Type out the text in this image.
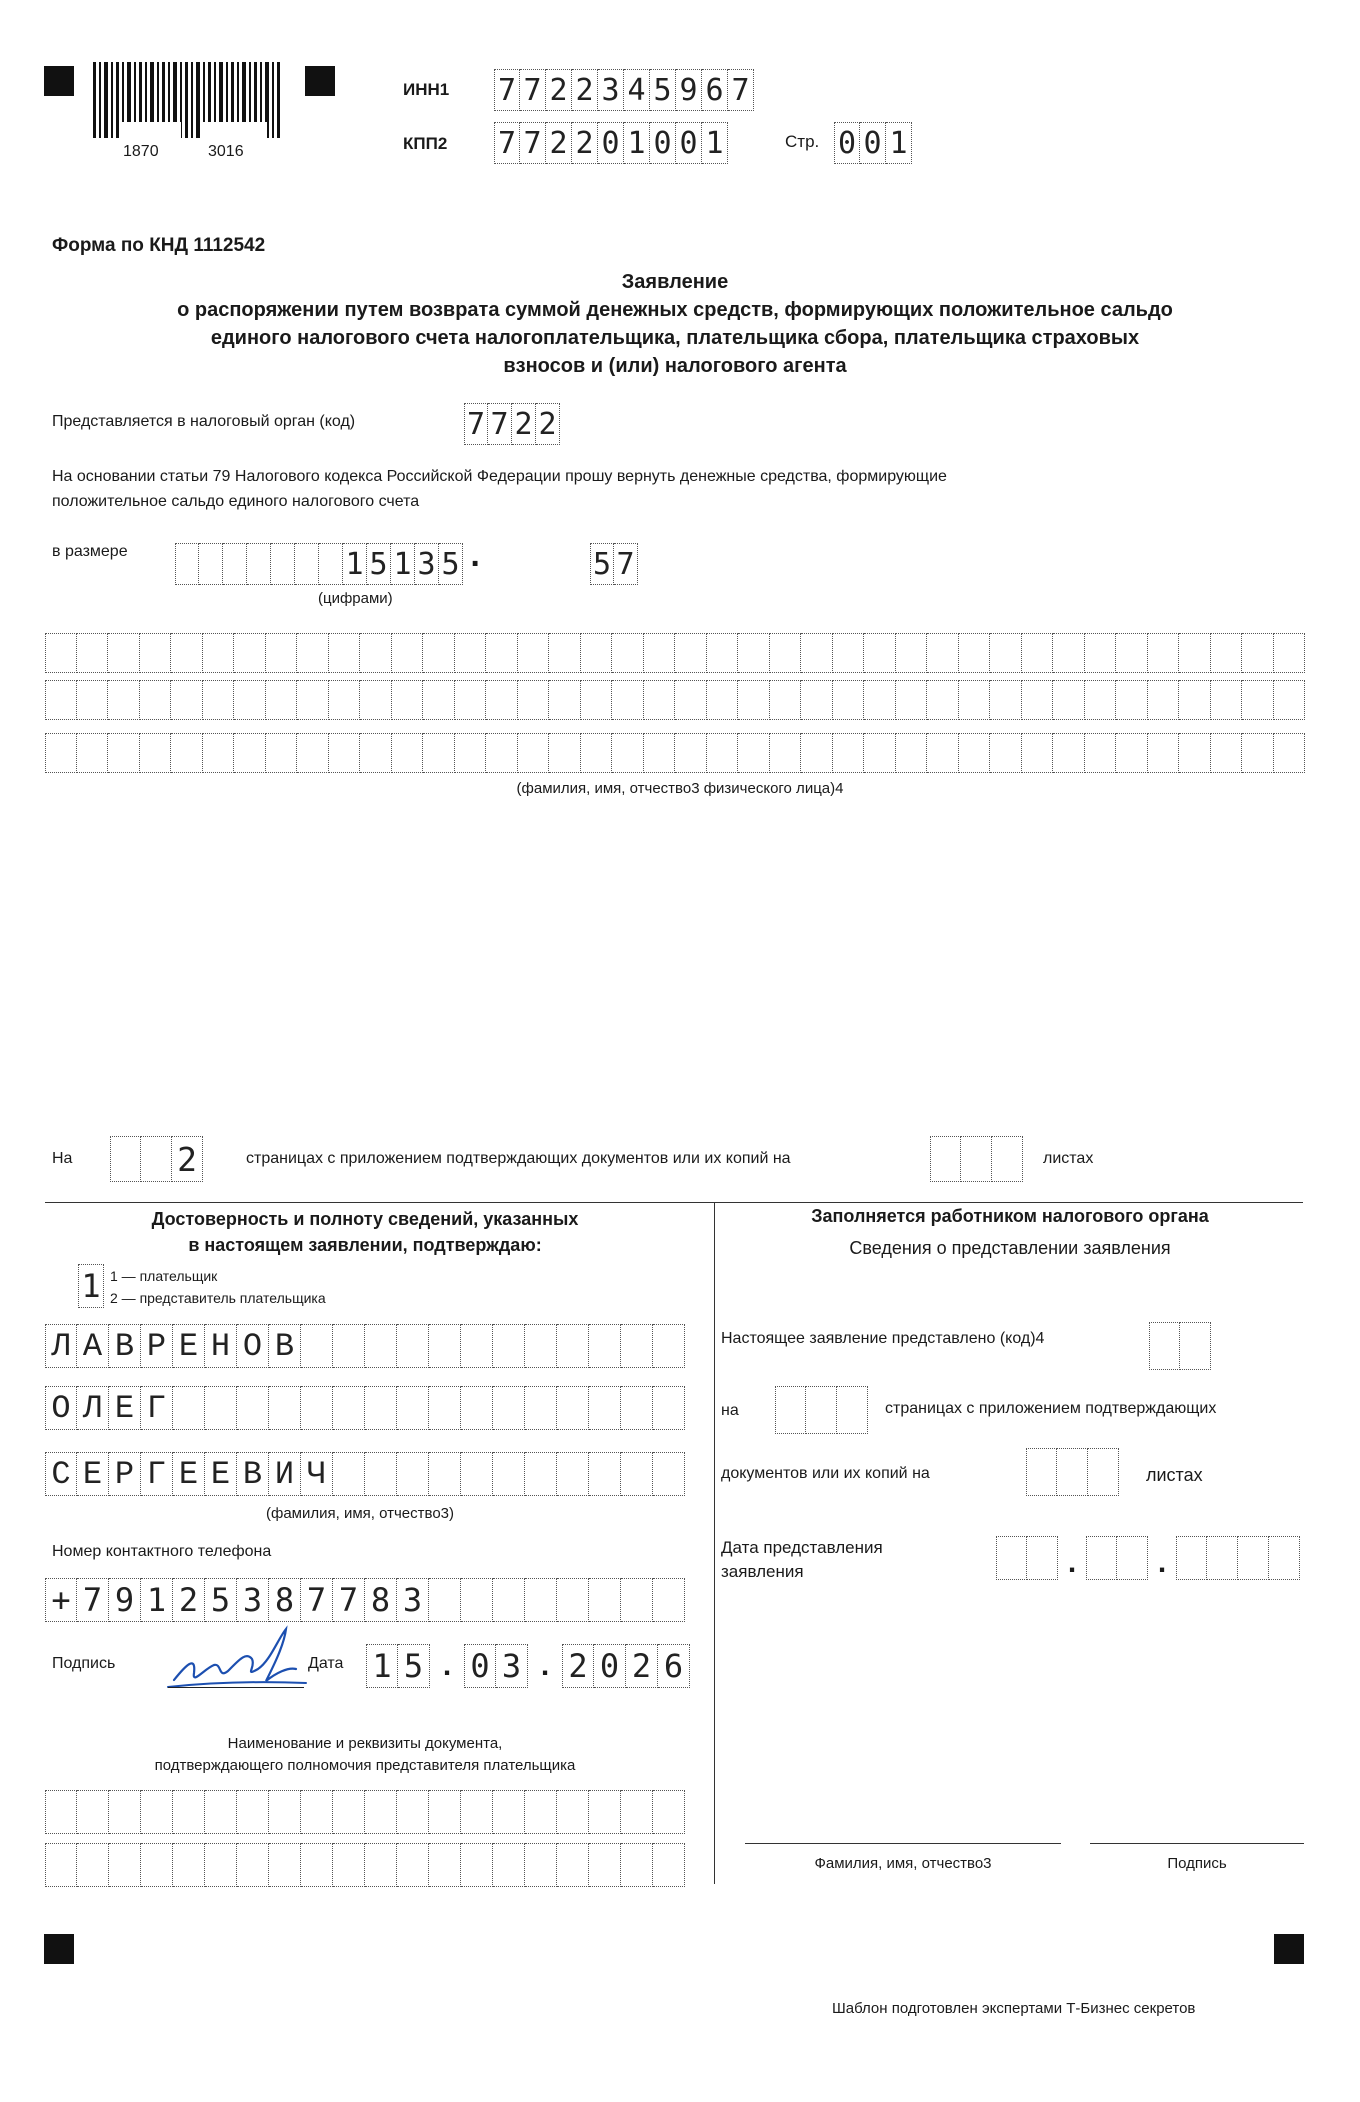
1870	3016
ИНН1 7 7 2 2 3 4 5 9 6 7
КПП2 7 7 2 2 0 1 0 0 1	Стр. 0 0 1
Форма по КНД 1112542
Заявление
о распоряжении путем возврата суммой денежных средств, формирующих положительное сальдо
единого налогового счета налогоплательщика, плательщика сбора, плательщика страховых
взносов и (или) налогового агента
Представляется в налоговый орган (код)	7 7 2 2
На основании статьи 79 Налогового кодекса Российской Федерации прошу вернуть денежные средства, формирующие
положительное сальдо единого налогового счета
в размере	1 5 1 3 5 ·	5 7
(цифрами)
(фамилия, имя, отчество3 физического лица)4
На	2	страницах с приложением подтверждающих документов или их копий на	листах
Достоверность и полноту сведений, указанных
в настоящем заявлении, подтверждаю:
1 1 — плательщик
2 — представитель плательщика
Л А В Р Е Н О В
О Л Е Г
С Е Р Г Е Е В И Ч
(фамилия, имя, отчество3)
Номер контактного телефона
+ 7 9 1 2 5 3 8 7 7 8 3
Подпись	Дата 1 5 . 0 3 . 2 0 2 6
Наименование и реквизиты документа,
подтверждающего полномочия представителя плательщика
Заполняется работником налогового органа
Сведения о представлении заявления
Настоящее заявление представлено (код)4
на	страницах с приложением подтверждающих
документов или их копий на	листах
Дата представления
заявления	.	.
Фамилия, имя, отчество3	Подпись
Шаблон подготовлен экспертами Т-Бизнес секретов
